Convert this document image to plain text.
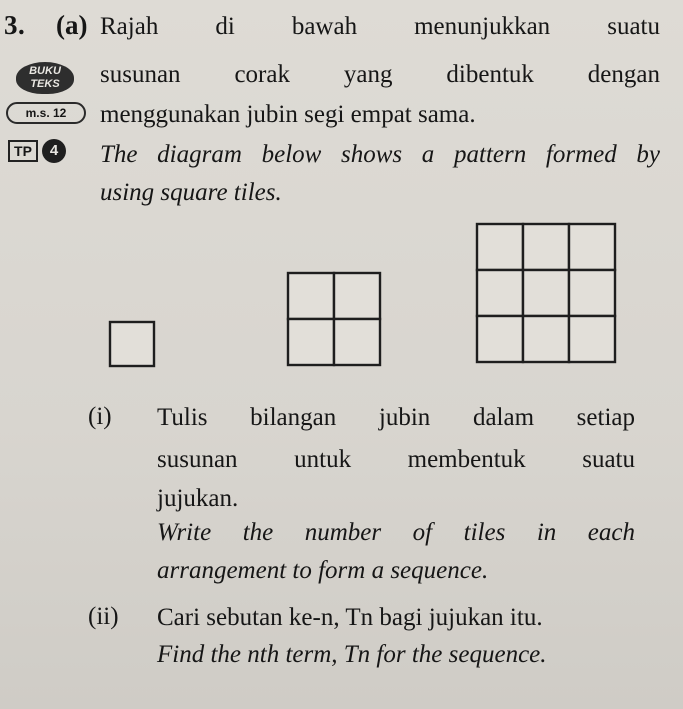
3. (a) Rajah di bawah menunjukkan suatu
susunan corak yang dibentuk dengan
menggunakan jubin segi empat sama.
The diagram below shows a pattern formed by
using square tiles.
BUKU TEKS
m.s. 12
TP	4
(i) Tulis bilangan jubin dalam setiap
susunan untuk membentuk suatu
jujukan.
Write the number of tiles in each
arrangement to form a sequence.
(ii) Cari sebutan ke-n, Tn bagi jujukan itu.
Find the nth term, Tn for the sequence.
